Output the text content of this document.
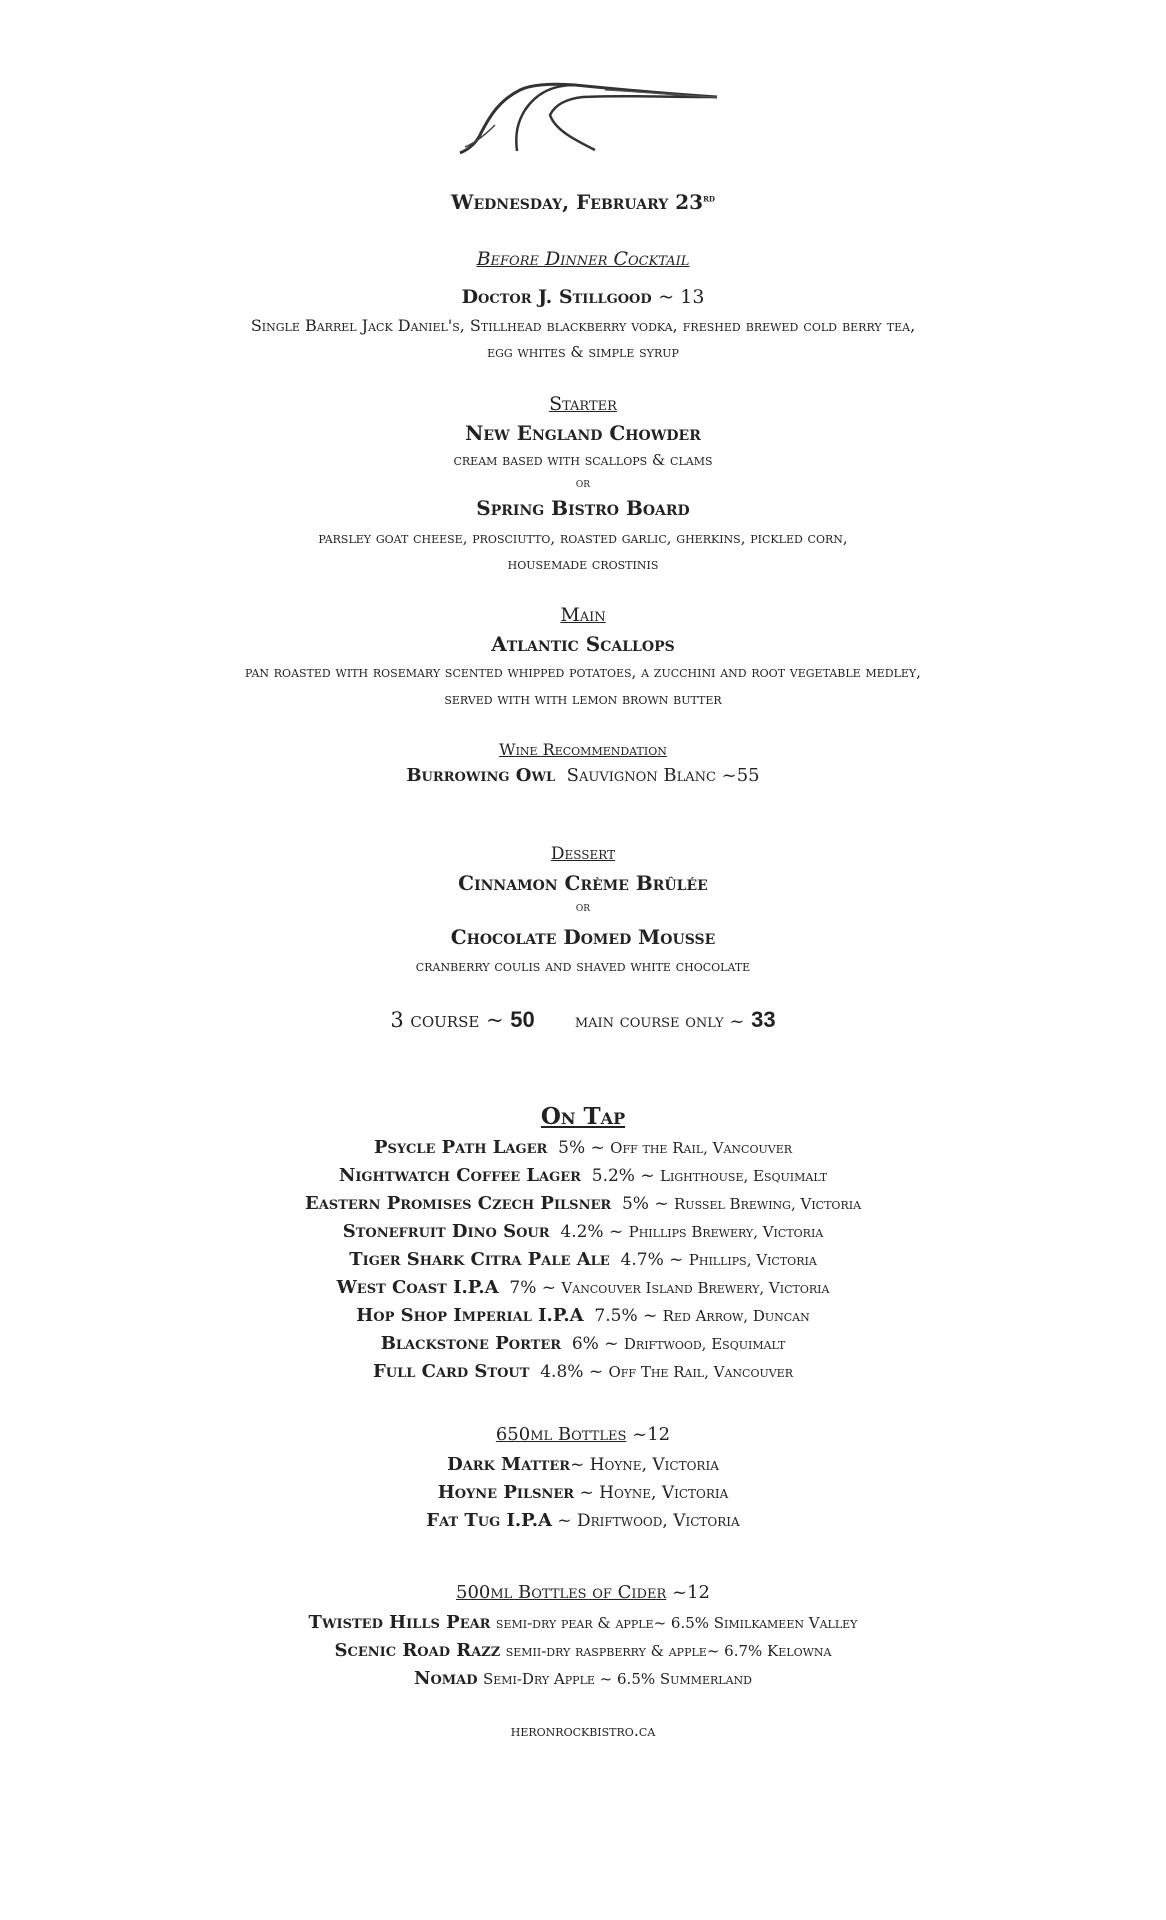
Wednesday, February 23rd
Before Dinner Cocktail
Doctor J. Stillgood ~ 13
Single Barrel Jack Daniel's, Stillhead blackberry vodka, freshed brewed cold berry tea,
egg whites & simple syrup
Starter
New England Chowder
cream based with scallops & clams
or
Spring Bistro Board
parsley goat cheese, prosciutto, roasted garlic, gherkins, pickled corn,
housemade crostinis
Main
Atlantic Scallops
pan roasted with rosemary scented whipped potatoes, a zucchini and root vegetable medley,
served with with lemon brown butter
Wine Recommendation
Burrowing Owl Sauvignon Blanc ~55
Dessert
Cinnamon Crème Brûlée
or
Chocolate Domed Mousse
cranberry coulis and shaved white chocolate
3 course ~ 50 main course only ~ 33
On Tap
Psycle Path Lager 5% ~ Off the Rail, Vancouver
Nightwatch Coffee Lager 5.2% ~ Lighthouse, Esquimalt
Eastern Promises Czech Pilsner 5% ~ Russel Brewing, Victoria
Stonefruit Dino Sour 4.2% ~ Phillips Brewery, Victoria
Tiger Shark Citra Pale Ale 4.7% ~ Phillips, Victoria
West Coast I.P.A 7% ~ Vancouver Island Brewery, Victoria
Hop Shop Imperial I.P.A 7.5% ~ Red Arrow, Duncan
Blackstone Porter 6% ~ Driftwood, Esquimalt
Full Card Stout 4.8% ~ Off The Rail, Vancouver
650ml Bottles ~12
Dark Matter~ Hoyne, Victoria
Hoyne Pilsner ~ Hoyne, Victoria
Fat Tug I.P.A ~ Driftwood, Victoria
500ml Bottles of Cider ~12
Twisted Hills Pear semi-dry pear & apple~ 6.5% Similkameen Valley
Scenic Road Razz semii-dry raspberry & apple~ 6.7% Kelowna
Nomad Semi-Dry Apple ~ 6.5% Summerland
heronrockbistro.ca
